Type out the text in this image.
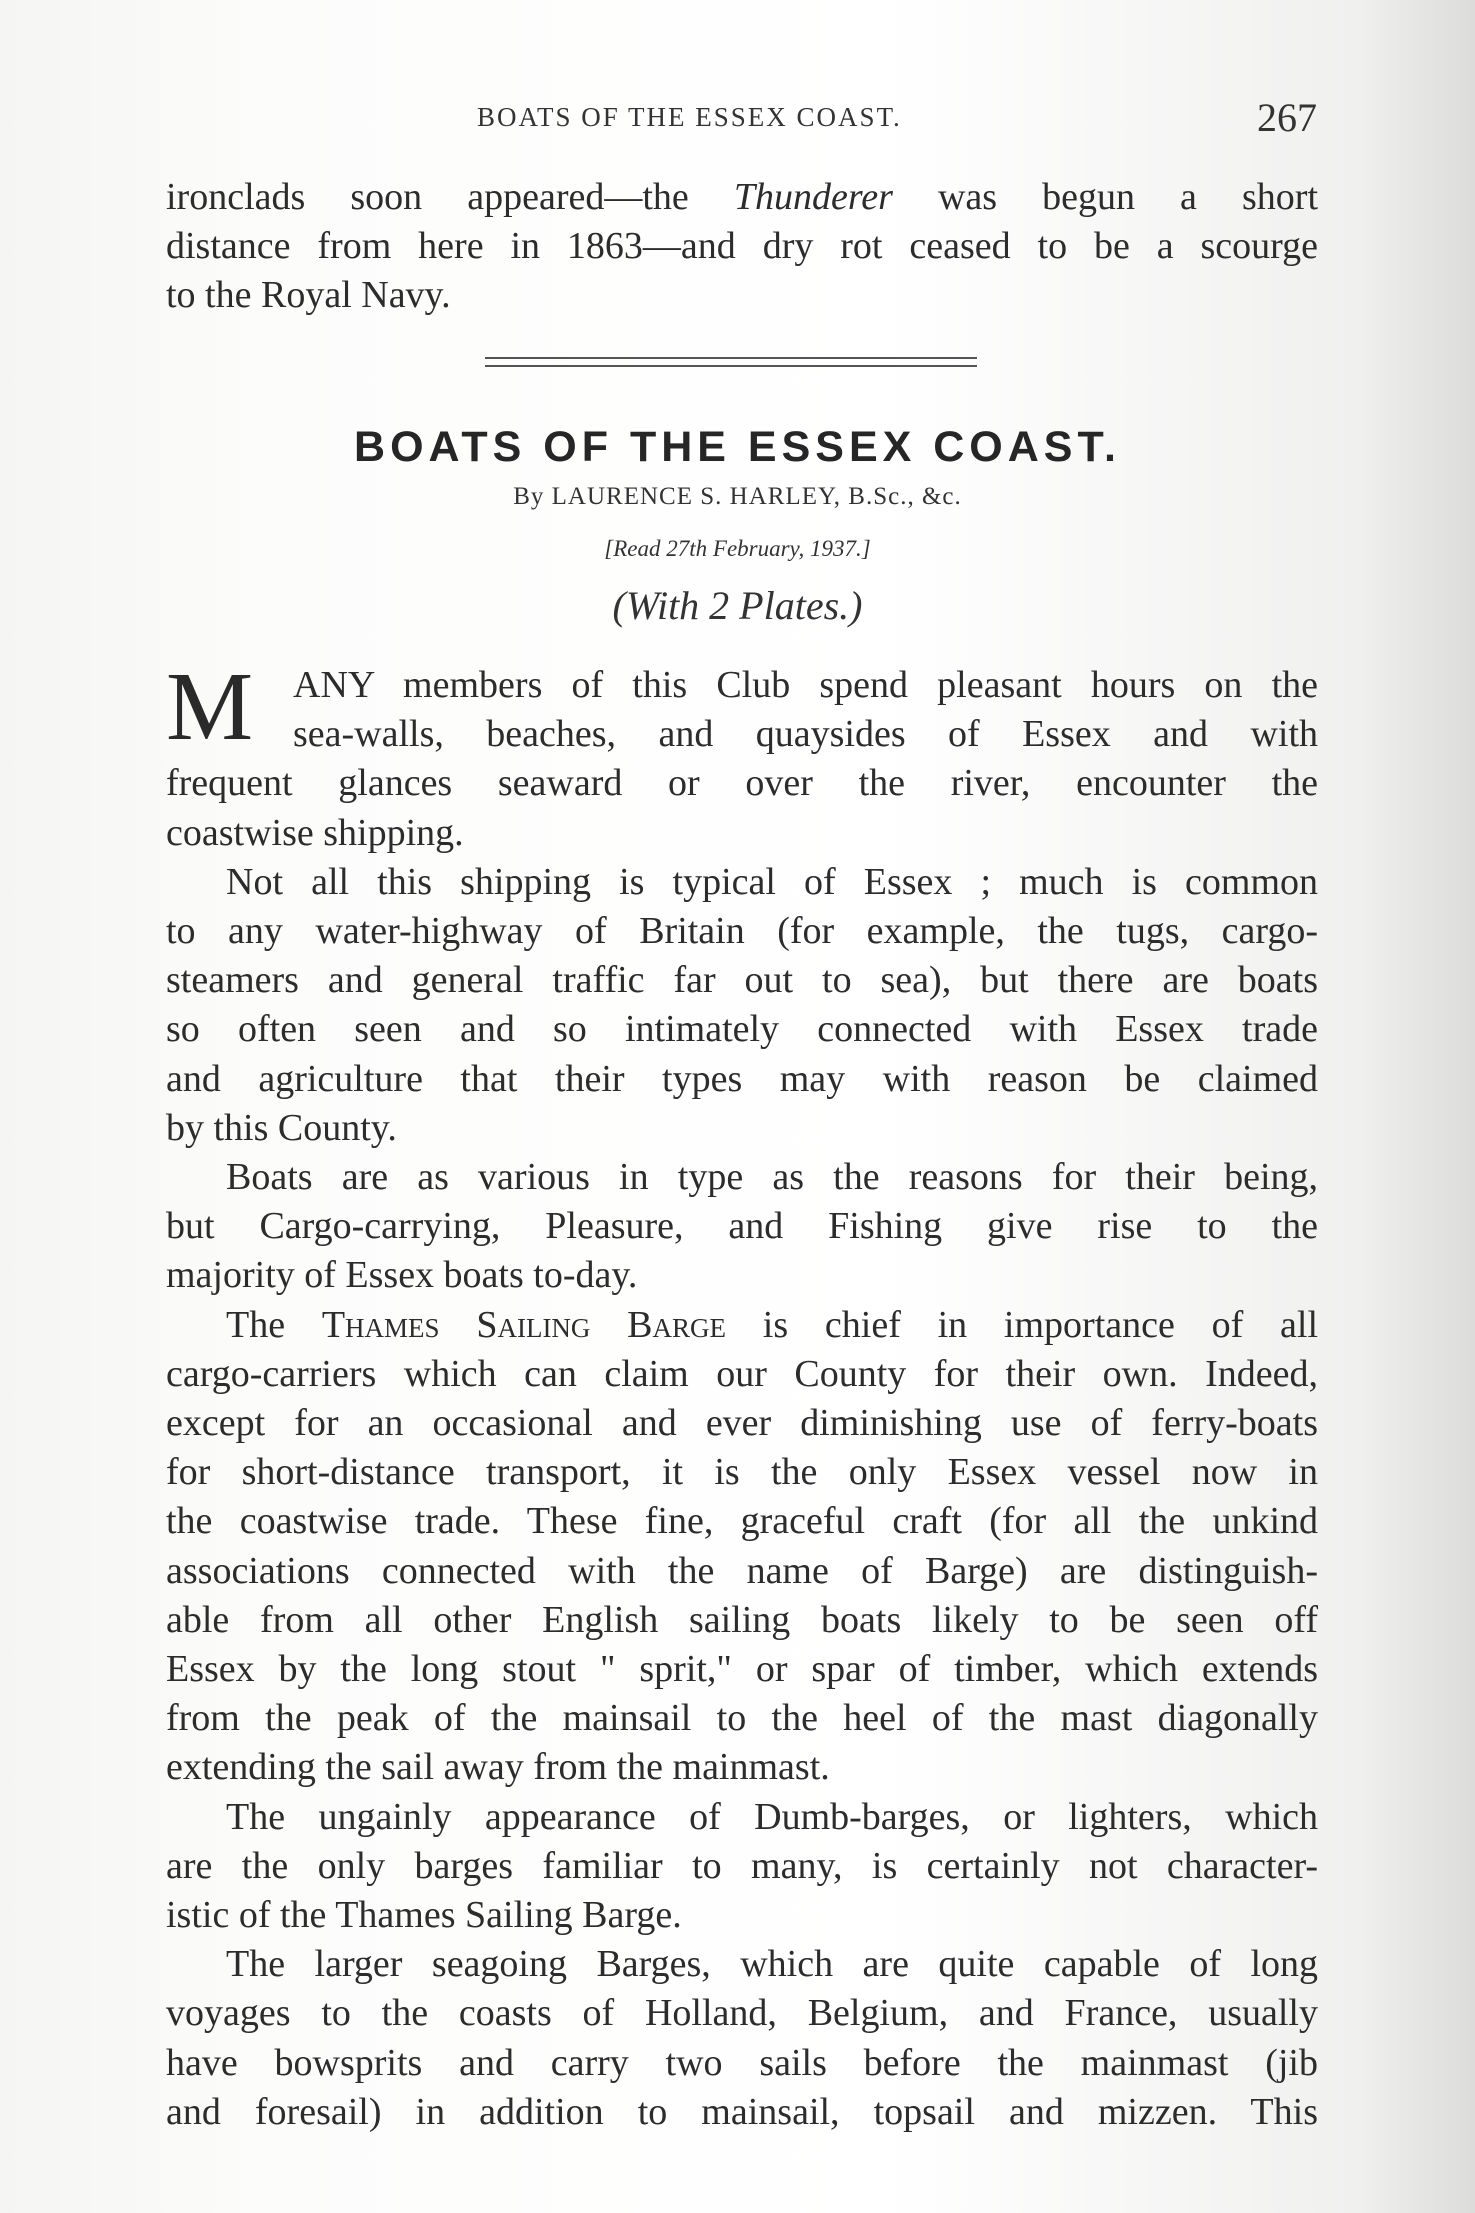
BOATS OF THE ESSEX COAST.	267
ironclads soon appeared—the Thunderer was begun a short
distance from here in 1863—and dry rot ceased to be a scourge
to the Royal Navy.
BOATS OF THE ESSEX COAST.
By LAURENCE S. HARLEY, B.Sc., &c.
[Read 27th February, 1937.]
(With 2 Plates.)
M	ANY members of this Club spend pleasant hours on the
sea-walls, beaches, and quaysides of Essex and with
frequent glances seaward or over the river, encounter the
coastwise shipping.
Not all this shipping is typical of Essex ; much is common
to any water-highway of Britain (for example, the tugs, cargo-
steamers and general traffic far out to sea), but there are boats
so often seen and so intimately connected with Essex trade
and agriculture that their types may with reason be claimed
by this County.
Boats are as various in type as the reasons for their being,
but Cargo-carrying, Pleasure, and Fishing give rise to the
majority of Essex boats to-day.
The Thames Sailing Barge is chief in importance of all
cargo-carriers which can claim our County for their own. Indeed,
except for an occasional and ever diminishing use of ferry-boats
for short-distance transport, it is the only Essex vessel now in
the coastwise trade. These fine, graceful craft (for all the unkind
associations connected with the name of Barge) are distinguish-
able from all other English sailing boats likely to be seen off
Essex by the long stout " sprit," or spar of timber, which extends
from the peak of the mainsail to the heel of the mast diagonally
extending the sail away from the mainmast.
The ungainly appearance of Dumb-barges, or lighters, which
are the only barges familiar to many, is certainly not character-
istic of the Thames Sailing Barge.
The larger seagoing Barges, which are quite capable of long
voyages to the coasts of Holland, Belgium, and France, usually
have bowsprits and carry two sails before the mainmast (jib
and foresail) in addition to mainsail, topsail and mizzen. This
